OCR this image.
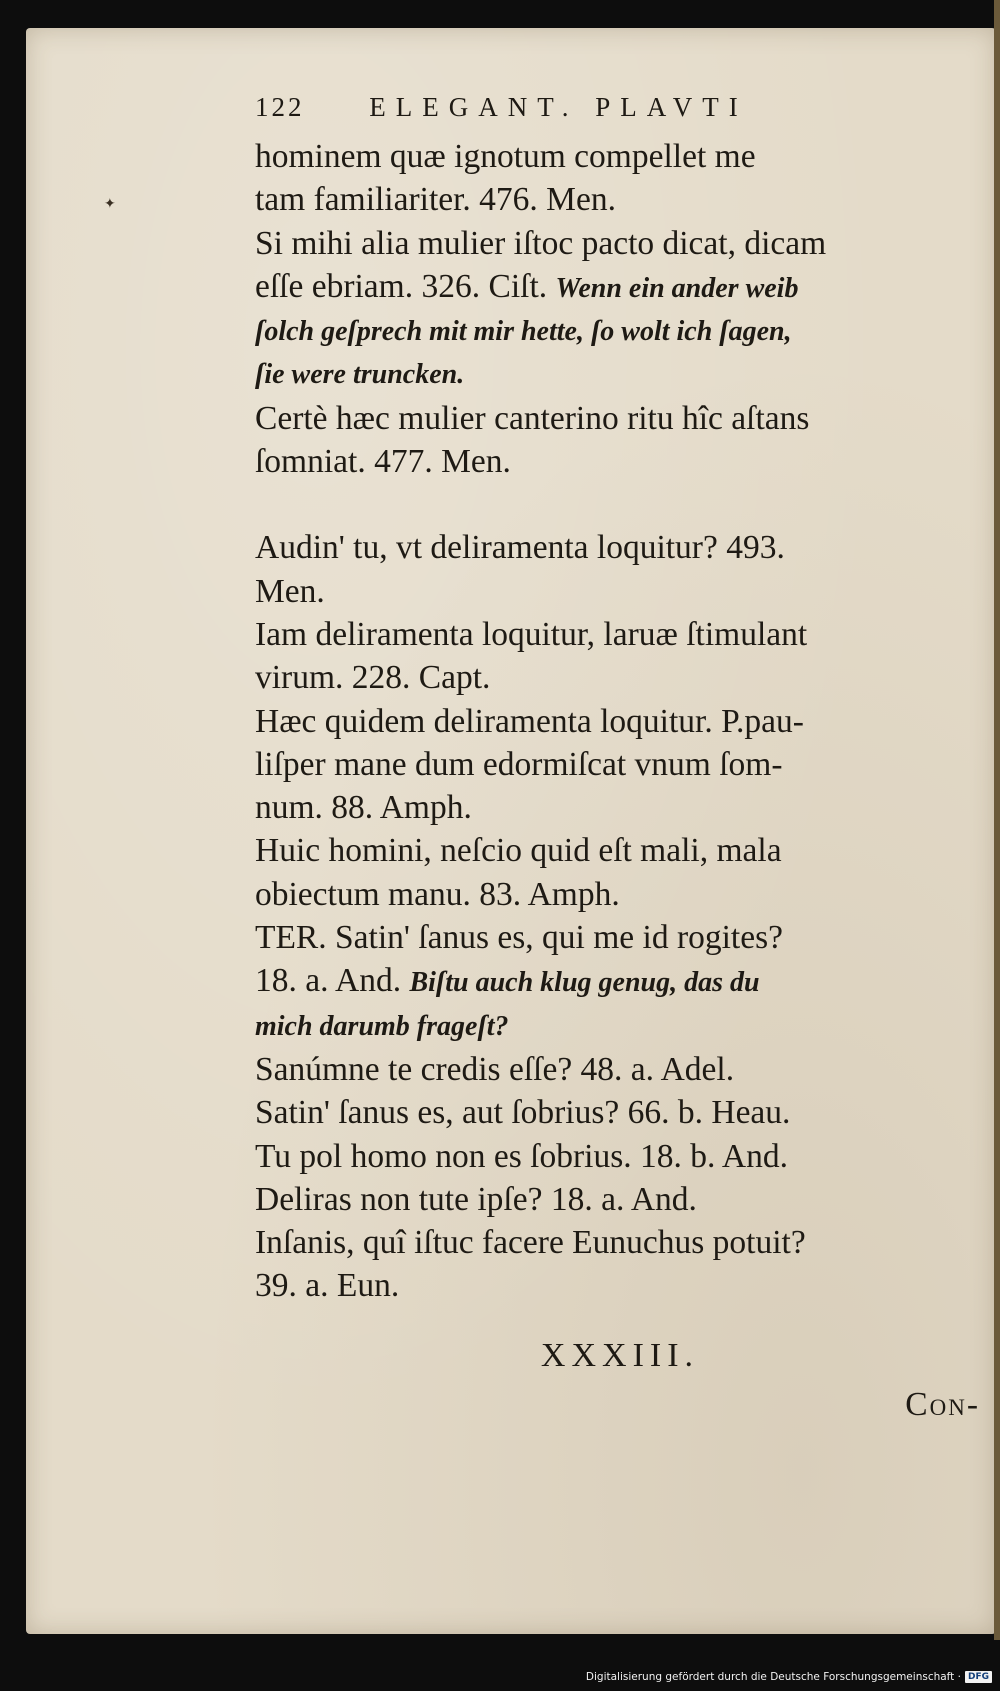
✦
122 ELEGANT. PLAVTI
hominem quæ ignotum compellet me
tam familiariter. 476. Men.
Si mihi alia mulier iſtoc pacto dicat, dicam
eſſe ebriam. 326. Ciſt. Wenn ein ander weib
ſolch geſprech mit mir hette, ſo wolt ich ſagen,
ſie were truncken.
Certè hæc mulier canterino ritu hîc aſtans
ſomniat. 477. Men.
Audin' tu, vt deliramenta loquitur? 493.
Men.
Iam deliramenta loquitur, laruæ ſtimulant
virum. 228. Capt.
Hæc quidem deliramenta loquitur. P.pau-
liſper mane dum edormiſcat vnum ſom-
num. 88. Amph.
Huic homini, neſcio quid eſt mali, mala
obiectum manu. 83. Amph.
TER. Satin' ſanus es, qui me id rogites?
18. a. And. Biſtu auch klug genug, das du
mich darumb frageſt?
Sanúmne te credis eſſe? 48. a. Adel.
Satin' ſanus es, aut ſobrius? 66. b. Heau.
Tu pol homo non es ſobrius. 18. b. And.
Deliras non tute ipſe? 18. a. And.
Inſanis, quî iſtuc facere Eunuchus potuit?
39. a. Eun.
XXXIII.
Con-
Digitalisierung gefördert durch die Deutsche Forschungsgemeinschaft · DFG
